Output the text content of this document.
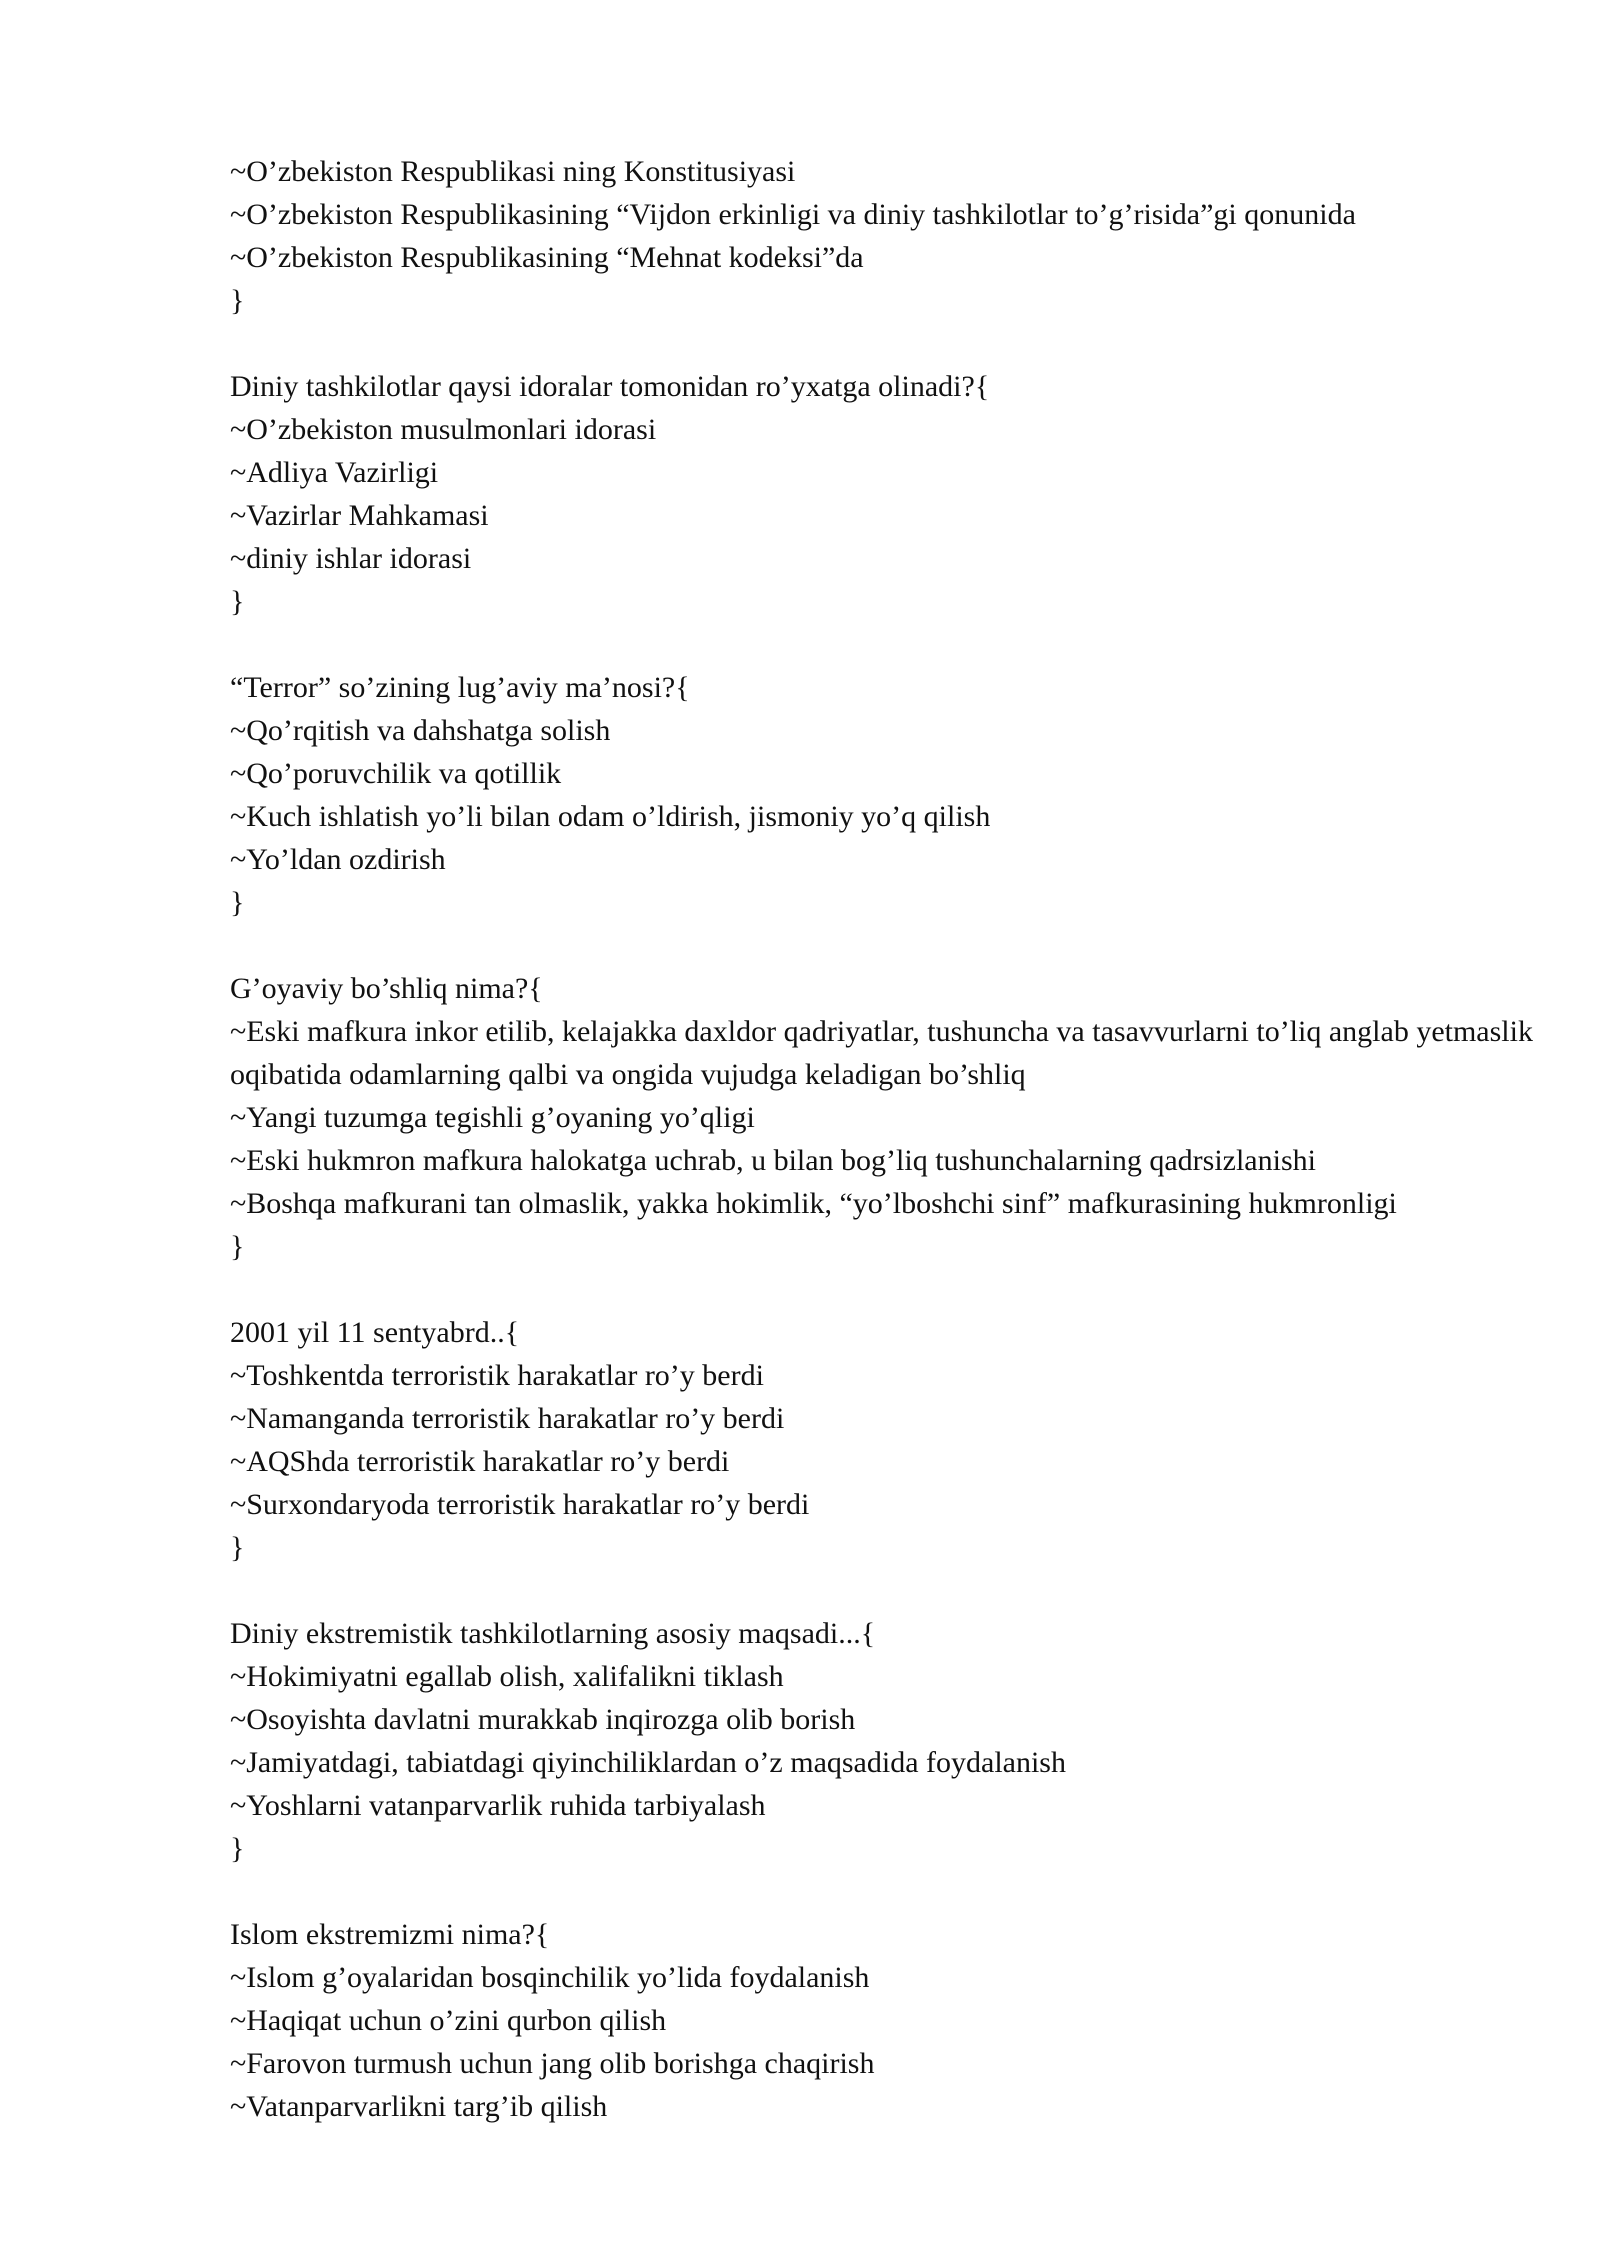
~O’zbekiston Respublikasi ning Konstitusiyasi
~O’zbekiston Respublikasining “Vijdon erkinligi va diniy tashkilotlar to’g’risida”gi qonunida
~O’zbekiston Respublikasining “Mehnat kodeksi”da
}
Diniy tashkilotlar qaysi idoralar tomonidan ro’yxatga olinadi?{
~O’zbekiston musulmonlari idorasi
~Adliya Vazirligi
~Vazirlar Mahkamasi
~diniy ishlar idorasi
}
“Terror” so’zining lug’aviy ma’nosi?{
~Qo’rqitish va dahshatga solish
~Qo’poruvchilik va qotillik
~Kuch ishlatish yo’li bilan odam o’ldirish, jismoniy yo’q qilish
~Yo’ldan ozdirish
}
G’oyaviy bo’shliq nima?{
~Eski mafkura inkor etilib, kelajakka daxldor qadriyatlar, tushuncha va tasavvurlarni to’liq anglab yetmaslik oqibatida odamlarning qalbi va ongida vujudga keladigan bo’shliq
~Yangi tuzumga tegishli g’oyaning yo’qligi
~Eski hukmron mafkura halokatga uchrab, u bilan bog’liq tushunchalarning qadrsizlanishi
~Boshqa mafkurani tan olmaslik, yakka hokimlik, “yo’lboshchi sinf” mafkurasining hukmronligi
}
2001 yil 11 sentyabrd..{
~Toshkentda terroristik harakatlar ro’y berdi
~Namanganda terroristik harakatlar ro’y berdi
~AQShda terroristik harakatlar ro’y berdi
~Surxondaryoda terroristik harakatlar ro’y berdi
}
Diniy ekstremistik tashkilotlarning asosiy maqsadi...{
~Hokimiyatni egallab olish, xalifalikni tiklash
~Osoyishta davlatni murakkab inqirozga olib borish
~Jamiyatdagi, tabiatdagi qiyinchiliklardan o’z maqsadida foydalanish
~Yoshlarni vatanparvarlik ruhida tarbiyalash
}
Islom ekstremizmi nima?{
~Islom g’oyalaridan bosqinchilik yo’lida foydalanish
~Haqiqat uchun o’zini qurbon qilish
~Farovon turmush uchun jang olib borishga chaqirish
~Vatanparvarlikni targ’ib qilish
